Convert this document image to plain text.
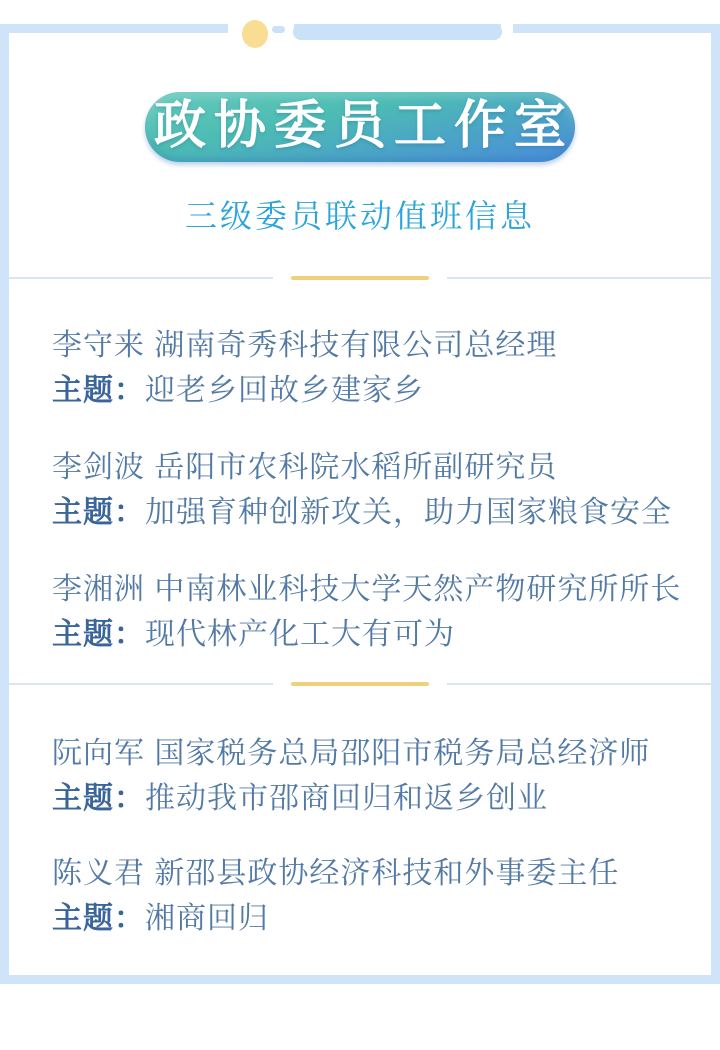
政协委员工作室
三级委员联动值班信息
李守来 湖南奇秀科技有限公司总经理
主题：迎老乡回故乡建家乡
李剑波 岳阳市农科院水稻所副研究员
主题：加强育种创新攻关，助力国家粮食安全
李湘洲 中南林业科技大学天然产物研究所所长
主题：现代林产化工大有可为
阮向军 国家税务总局邵阳市税务局总经济师
主题：推动我市邵商回归和返乡创业
陈义君 新邵县政协经济科技和外事委主任
主题：湘商回归
